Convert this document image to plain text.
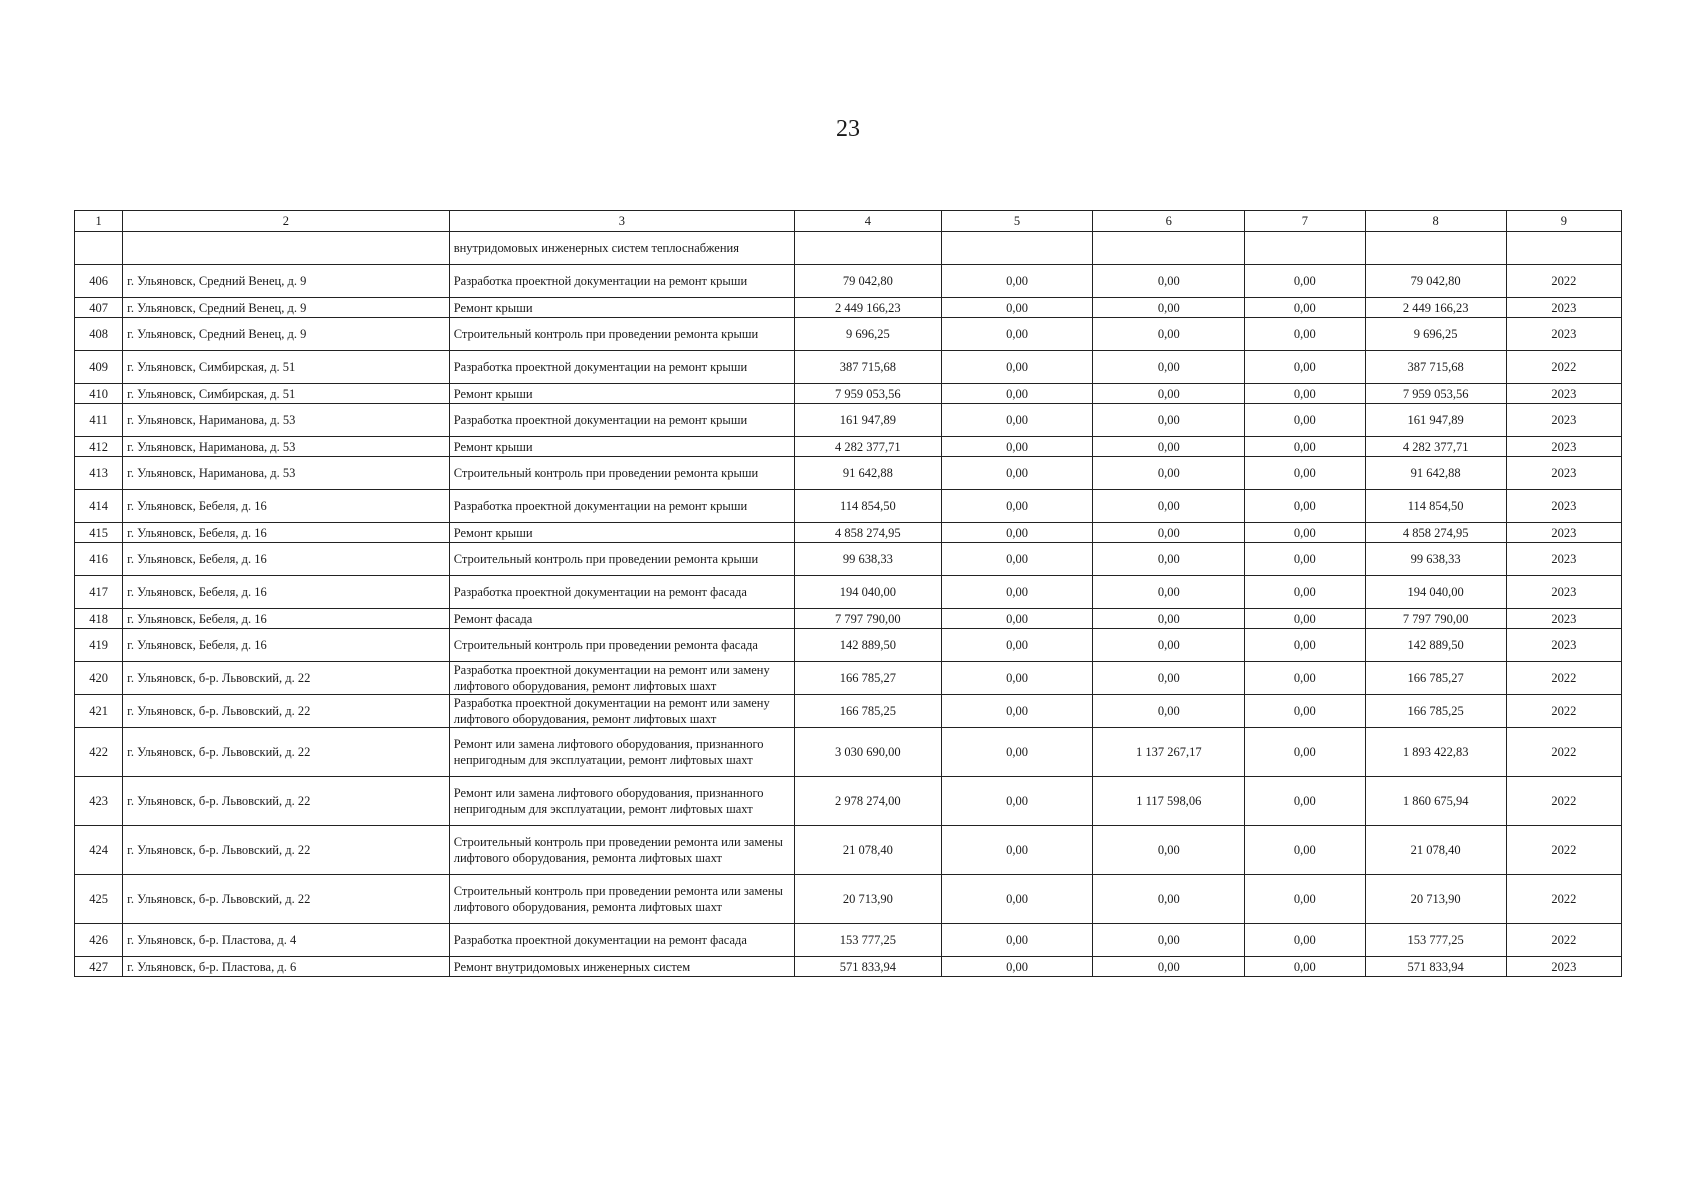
23
1	2	3	4	5	6	7	8	9
		внутридомовых инженерных систем теплоснабжения						
406	г. Ульяновск, Средний Венец, д. 9	Разработка проектной документации на ремонт крыши	79 042,80	0,00	0,00	0,00	79 042,80	2022
407	г. Ульяновск, Средний Венец, д. 9	Ремонт крыши	2 449 166,23	0,00	0,00	0,00	2 449 166,23	2023
408	г. Ульяновск, Средний Венец, д. 9	Строительный контроль при проведении ремонта крыши	9 696,25	0,00	0,00	0,00	9 696,25	2023
409	г. Ульяновск, Симбирская, д. 51	Разработка проектной документации на ремонт крыши	387 715,68	0,00	0,00	0,00	387 715,68	2022
410	г. Ульяновск, Симбирская, д. 51	Ремонт крыши	7 959 053,56	0,00	0,00	0,00	7 959 053,56	2023
411	г. Ульяновск, Нариманова, д. 53	Разработка проектной документации на ремонт крыши	161 947,89	0,00	0,00	0,00	161 947,89	2023
412	г. Ульяновск, Нариманова, д. 53	Ремонт крыши	4 282 377,71	0,00	0,00	0,00	4 282 377,71	2023
413	г. Ульяновск, Нариманова, д. 53	Строительный контроль при проведении ремонта крыши	91 642,88	0,00	0,00	0,00	91 642,88	2023
414	г. Ульяновск, Бебеля, д. 16	Разработка проектной документации на ремонт крыши	114 854,50	0,00	0,00	0,00	114 854,50	2023
415	г. Ульяновск, Бебеля, д. 16	Ремонт крыши	4 858 274,95	0,00	0,00	0,00	4 858 274,95	2023
416	г. Ульяновск, Бебеля, д. 16	Строительный контроль при проведении ремонта крыши	99 638,33	0,00	0,00	0,00	99 638,33	2023
417	г. Ульяновск, Бебеля, д. 16	Разработка проектной документации на ремонт фасада	194 040,00	0,00	0,00	0,00	194 040,00	2023
418	г. Ульяновск, Бебеля, д. 16	Ремонт фасада	7 797 790,00	0,00	0,00	0,00	7 797 790,00	2023
419	г. Ульяновск, Бебеля, д. 16	Строительный контроль при проведении ремонта фасада	142 889,50	0,00	0,00	0,00	142 889,50	2023
420	г. Ульяновск, б-р. Львовский, д. 22	Разработка проектной документации на ремонт или замену лифтового оборудования, ремонт лифтовых шахт	166 785,27	0,00	0,00	0,00	166 785,27	2022
421	г. Ульяновск, б-р. Львовский, д. 22	Разработка проектной документации на ремонт или замену лифтового оборудования, ремонт лифтовых шахт	166 785,25	0,00	0,00	0,00	166 785,25	2022
422	г. Ульяновск, б-р. Львовский, д. 22	Ремонт или замена лифтового оборудования, признанного непригодным для эксплуатации, ремонт лифтовых шахт	3 030 690,00	0,00	1 137 267,17	0,00	1 893 422,83	2022
423	г. Ульяновск, б-р. Львовский, д. 22	Ремонт или замена лифтового оборудования, признанного непригодным для эксплуатации, ремонт лифтовых шахт	2 978 274,00	0,00	1 117 598,06	0,00	1 860 675,94	2022
424	г. Ульяновск, б-р. Львовский, д. 22	Строительный контроль при проведении ремонта или замены лифтового оборудования, ремонта лифтовых шахт	21 078,40	0,00	0,00	0,00	21 078,40	2022
425	г. Ульяновск, б-р. Львовский, д. 22	Строительный контроль при проведении ремонта или замены лифтового оборудования, ремонта лифтовых шахт	20 713,90	0,00	0,00	0,00	20 713,90	2022
426	г. Ульяновск, б-р. Пластова, д. 4	Разработка проектной документации на ремонт фасада	153 777,25	0,00	0,00	0,00	153 777,25	2022
427	г. Ульяновск, б-р. Пластова, д. 6	Ремонт внутридомовых инженерных систем	571 833,94	0,00	0,00	0,00	571 833,94	2023
